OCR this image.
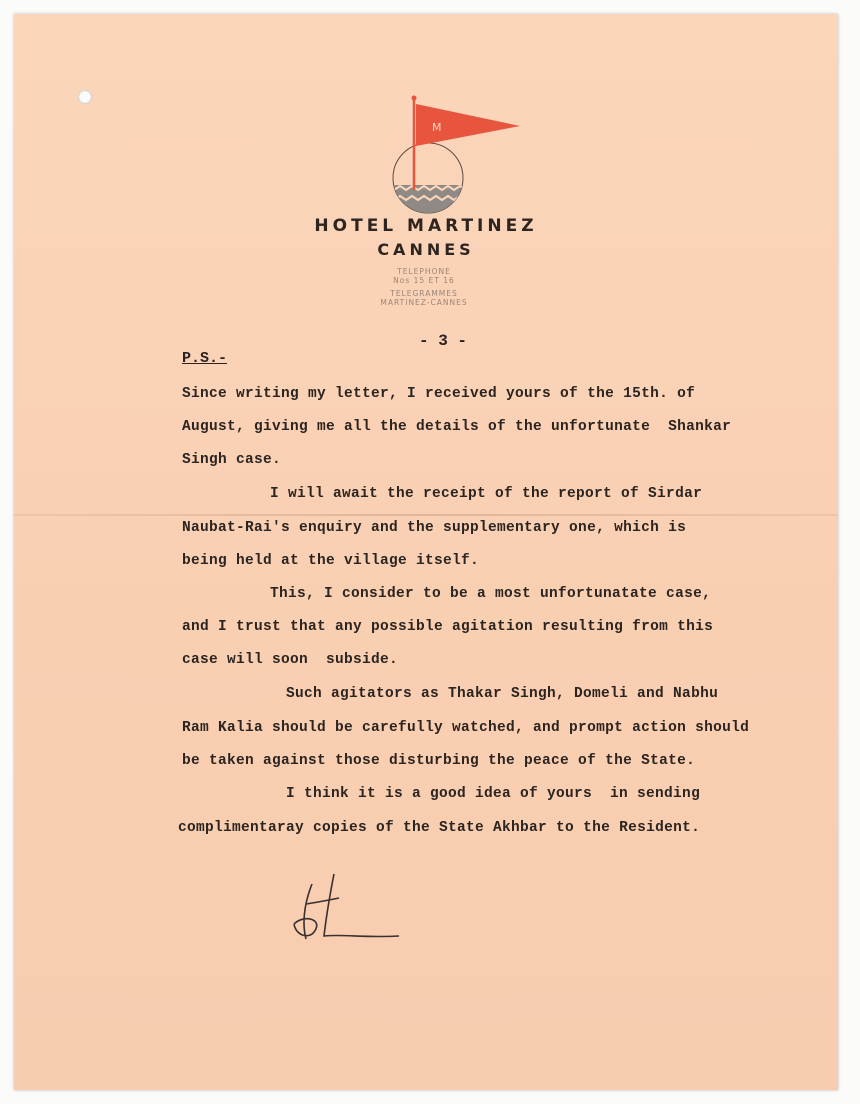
M
HOTEL MARTINEZ
CANNES
TELEPHONE
Nos 15 ET 16
TELEGRAMMES
MARTINEZ-CANNES
- 3 -
P.S.-
Since writing my letter, I received yours of the 15th. of
August, giving me all the details of the unfortunate  Shankar
Singh case.
I will await the receipt of the report of Sirdar
Naubat-Rai's enquiry and the supplementary one, which is
being held at the village itself.
This, I consider to be a most unfortunatate case,
and I trust that any possible agitation resulting from this
case will soon  subside.
Such agitators as Thakar Singh, Domeli and Nabhu
Ram Kalia should be carefully watched, and prompt action should
be taken against those disturbing the peace of the State.
I think it is a good idea of yours  in sending
complimentaray copies of the State Akhbar to the Resident.
